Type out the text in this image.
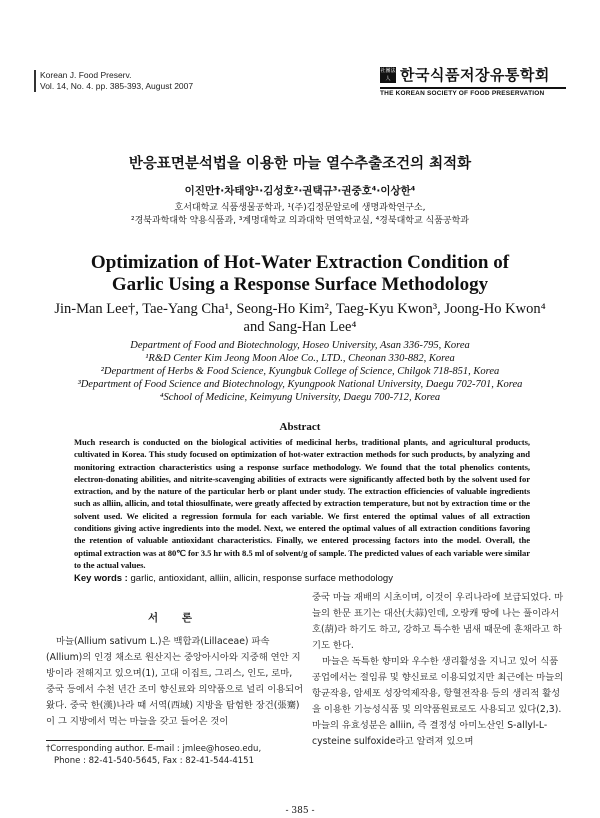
Korean J. Food Preserv.
Vol. 14, No. 4. pp. 385-393, August 2007
社團法人 한국식품저장유통학회
THE KOREAN SOCIETY OF FOOD PRESERVATION
반응표면분석법을 이용한 마늘 열수추출조건의 최적화
이진만†·차태양¹·김성호²·권택규³·권중호⁴·이상한⁴
호서대학교 식품생물공학과, ¹(주)김정문알로에 생명과학연구소,
²경북과학대학 약용식품과, ³계명대학교 의과대학 면역학교실, ⁴경북대학교 식품공학과
Optimization of Hot-Water Extraction Condition of
Garlic Using a Response Surface Methodology
Jin-Man Lee†, Tae-Yang Cha¹, Seong-Ho Kim², Taeg-Kyu Kwon³, Joong-Ho Kwon⁴
and Sang-Han Lee⁴
Department of Food and Biotechnology, Hoseo University, Asan 336-795, Korea
¹R&D Center Kim Jeong Moon Aloe Co., LTD., Cheonan 330-882, Korea
²Department of Herbs & Food Science, Kyungbuk College of Science, Chilgok 718-851, Korea
³Department of Food Science and Biotechnology, Kyungpook National University, Daegu 702-701, Korea
⁴School of Medicine, Keimyung University, Daegu 700-712, Korea
Abstract
Much research is conducted on the biological activities of medicinal herbs, traditional plants, and agricultural products, cultivated in Korea. This study focused on optimization of hot-water extraction methods for such products, by analyzing and monitoring extraction characteristics using a response surface methodology. We found that the total phenolics contents, electron-donating abilities, and nitrite-scavenging abilities of extracts were significantly affected both by the solvent used for extraction, and by the nature of the particular herb or plant under study. The extraction efficiencies of valuable ingredients such as alliin, allicin, and total thiosulfinate, were greatly affected by extraction temperature, but not by extraction time or the solvent used. We elicited a regression formula for each variable. We first entered the optimal values of all extraction conditions giving active ingredients into the model. Next, we entered the optimal values of all extraction conditions favoring the retention of valuable antioxidant characteristics. Finally, we entered processing factors into the model. Overall, the optimal extraction was at 80℃ for 3.5 hr with 8.5 ml of solvent/g of sample. The predicted values of each variable were similar to the actual values.
Key words : garlic, antioxidant, alliin, allicin, response surface methodology

서 론

마늘(Allium sativum L.)은 백합과(Lillaceae) 파속(Allium)의 인경 채소로 원산지는 중앙아시아와 지중해 연안 지방이라 전해지고 있으며(1), 고대 이집트, 그리스, 인도, 로마, 중국 등에서 수천 년간 조미 향신료와 의약품으로 널리 이용되어 왔다. 중국 한(漢)나라 때 서역(西域) 지방을 탐험한 장건(張騫)이 그 지방에서 먹는 마늘을 갖고 들어온 것이

중국 마늘 재배의 시초이며, 이것이 우리나라에 보급되었다. 마늘의 한문 표기는 대산(大蒜)인데, 오랑캐 땅에 나는 풀이라서 호(葫)라 하기도 하고, 강하고 특수한 냄새 때문에 훈채라고 하기도 한다.

마늘은 독특한 향미와 우수한 생리활성을 지니고 있어 식품공업에서는 절임류 및 향신료로 이용되었지만 최근에는 마늘의 항균작용, 암세포 성장억제작용, 항혈전작용 등의 생리적 활성을 이용한 기능성식품 및 의약품원료로도 사용되고 있다(2,3). 마늘의 유효성분은 alliin, 즉 결정성 아미노산인 S-allyl-L-cysteine sulfoxide라고 알려져 있으며

†Corresponding author. E-mail : jmlee@hoseo.edu,
Phone : 82-41-540-5645, Fax : 82-41-544-4151
- 385 -
